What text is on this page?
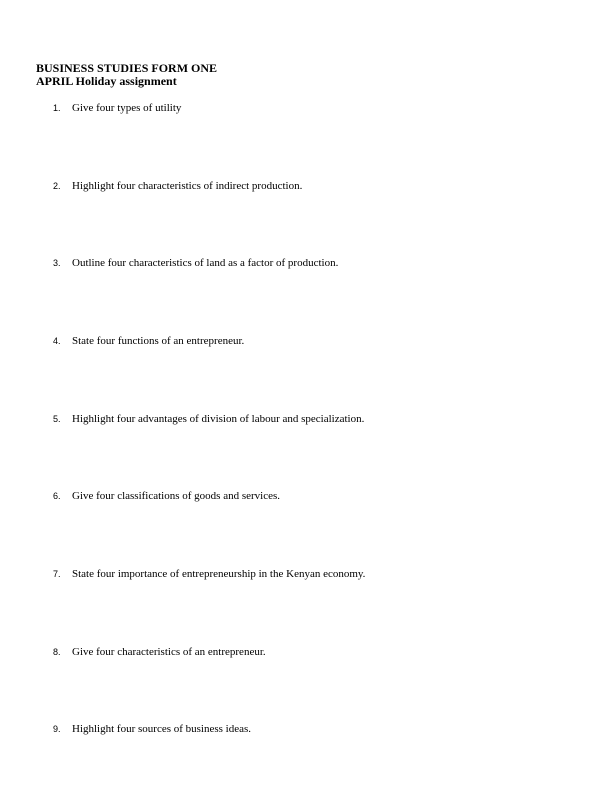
BUSINESS STUDIES FORM ONE
APRIL Holiday assignment
1. Give four types of utility
2. Highlight four characteristics of indirect production.
3. Outline four characteristics of land as a factor of production.
4. State four functions of an entrepreneur.
5. Highlight four advantages of division of labour and specialization.
6. Give four classifications of goods and services.
7. State four importance of entrepreneurship in the Kenyan economy.
8. Give four characteristics of an entrepreneur.
9. Highlight four sources of business ideas.
